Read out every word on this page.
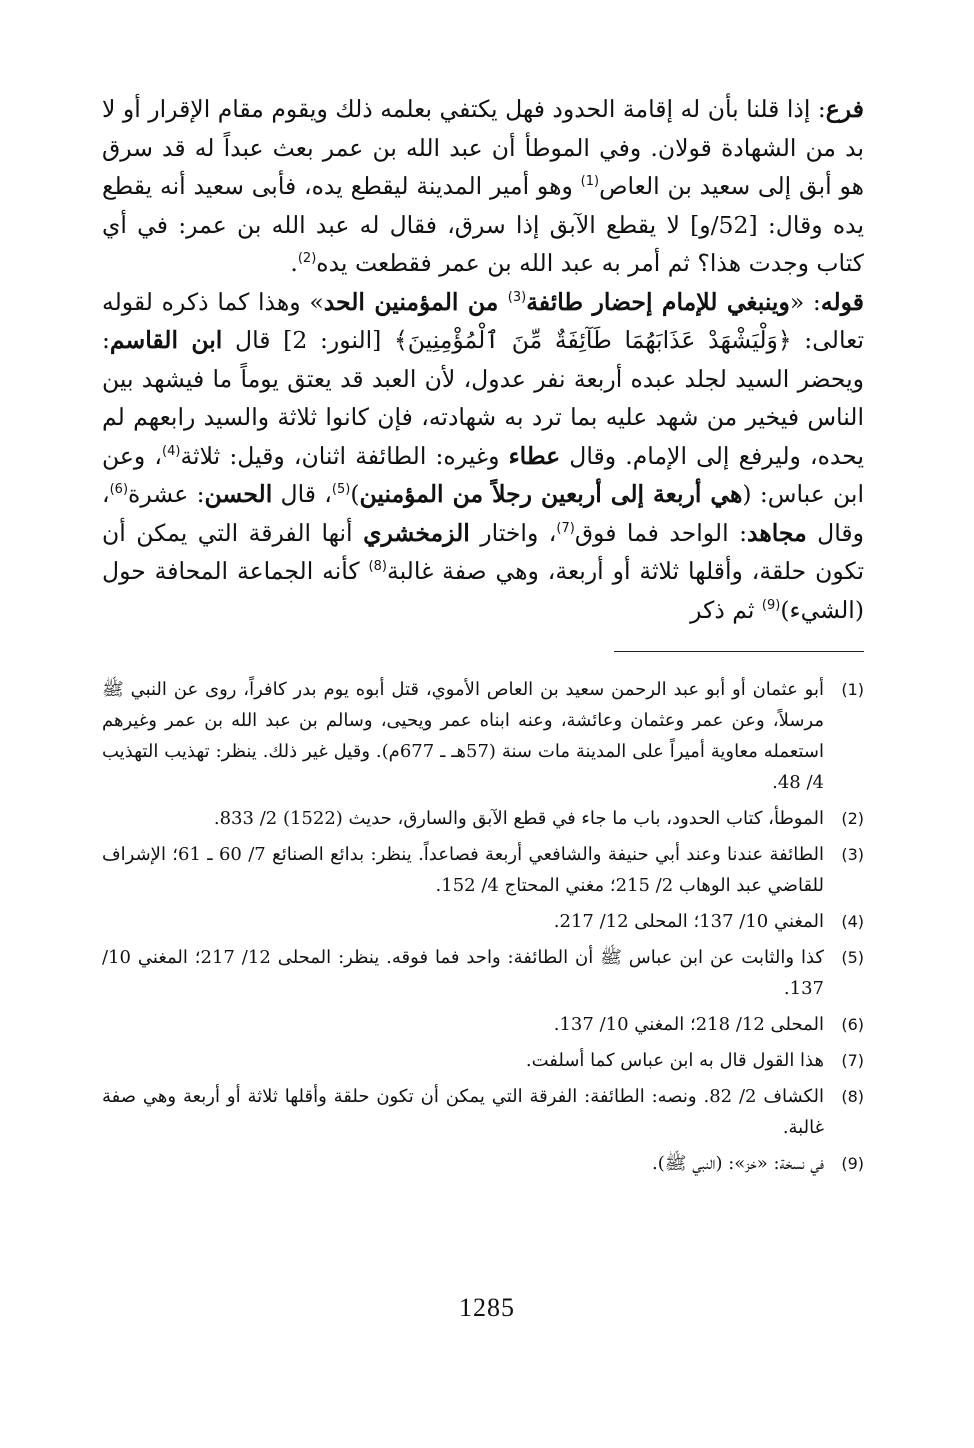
فرع: إذا قلنا بأن له إقامة الحدود فهل يكتفي بعلمه ذلك ويقوم مقام الإقرار أو لا بد من الشهادة قولان. وفي الموطأ أن عبد الله بن عمر بعث عبداً له قد سرق هو أبق إلى سعيد بن العاص$^{(1)}$ وهو أمير المدينة ليقطع يده، فأبى سعيد أنه يقطع يده وقال: [52/و] لا يقطع الآبق إذا سرق، فقال له عبد الله بن عمر: في أي كتاب وجدت هذا؟ ثم أمر به عبد الله بن عمر فقطعت يده$^{(2)}$.

قوله: «وينبغي للإمام إحضار طائفة$^{(3)}$ من المؤمنين الحد» وهذا كما ذكره لقوله تعالى: ﴿وَلْيَشْهَدْ عَذَابَهُمَا طَآئِفَةٌ مِّنَ ٱلْمُؤْمِنِينَ﴾ [النور: 2] قال ابن القاسم: ويحضر السيد لجلد عبده أربعة نفر عدول، لأن العبد قد يعتق يوماً ما فيشهد بين الناس فيخير من شهد عليه بما ترد به شهادته، فإن كانوا ثلاثة والسيد رابعهم لم يحده، وليرفع إلى الإمام. وقال عطاء وغيره: الطائفة اثنان، وقيل: ثلاثة$^{(4)}$، وعن ابن عباس: (هي أربعة إلى أربعين رجلاً من المؤمنين)$^{(5)}$، قال الحسن: عشرة$^{(6)}$، وقال مجاهد: الواحد فما فوق$^{(7)}$، واختار الزمخشري أنها الفرقة التي يمكن أن تكون حلقة، وأقلها ثلاثة أو أربعة، وهي صفة غالبة$^{(8)}$ كأنه الجماعة المحافة حول (الشيء)$^{(9)}$ ثم ذكر

(1)
أبو عثمان أو أبو عبد الرحمن سعيد بن العاص الأموي، قتل أبوه يوم بدر كافراً، روى عن النبي ﷺ مرسلاً، وعن عمر وعثمان وعائشة، وعنه ابناه عمر ويحيى، وسالم بن عبد الله بن عمر وغيرهم استعمله معاوية أميراً على المدينة مات سنة (57هـ ـ 677م). وقيل غير ذلك. ينظر: تهذيب التهذيب 4/ 48.
(2)
الموطأ، كتاب الحدود، باب ما جاء في قطع الآبق والسارق، حديث (1522) 2/ 833.
(3)
الطائفة عندنا وعند أبي حنيفة والشافعي أربعة فصاعداً. ينظر: بدائع الصنائع 7/ 60 ـ 61؛ الإشراف للقاضي عبد الوهاب 2/ 215؛ مغني المحتاج 4/ 152.
(4)
المغني 10/ 137؛ المحلى 12/ 217.
(5)
كذا والثابت عن ابن عباس ﷺ أن الطائفة: واحد فما فوقه. ينظر: المحلى 12/ 217؛ المغني 10/ 137.
(6)
المحلى 12/ 218؛ المغني 10/ 137.
(7)
هذا القول قال به ابن عباس كما أسلفت.
(8)
الكشاف 2/ 82. ونصه: الطائفة: الفرقة التي يمكن أن تكون حلقة وأقلها ثلاثة أو أربعة وهي صفة غالبة.
(9)
في نسخة: «خز»: (النبي ﷺ).
1285
